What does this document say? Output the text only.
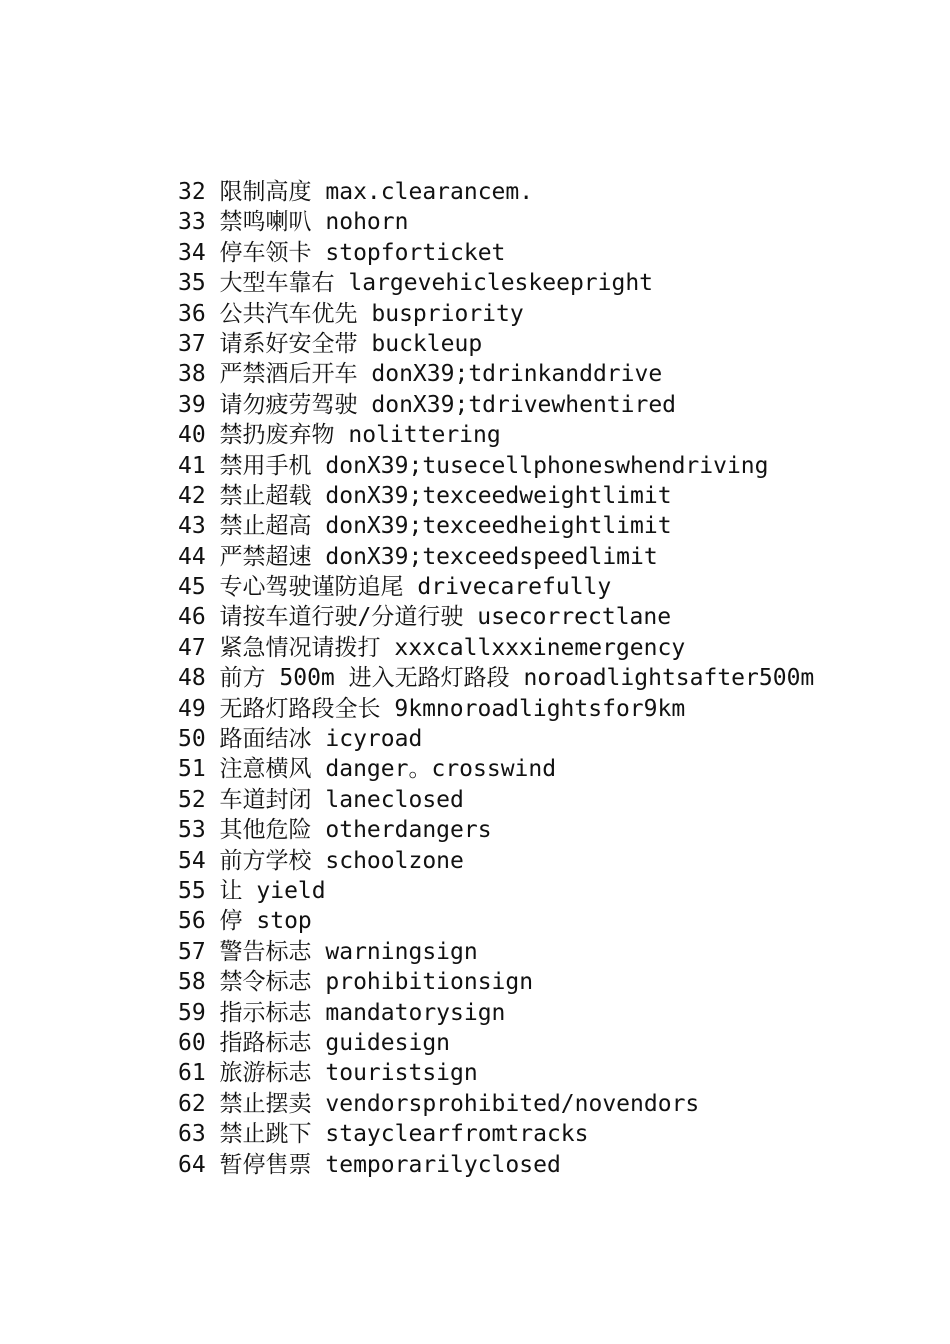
32 限制高度 max.clearancem.
33 禁鸣喇叭 nohorn
34 停车领卡 stopforticket
35 大型车靠右 largevehicleskeepright
36 公共汽车优先 buspriority
37 请系好安全带 buckleup
38 严禁酒后开车 donX39;tdrinkanddrive
39 请勿疲劳驾驶 donX39;tdrivewhentired
40 禁扔废弃物 nolittering
41 禁用手机 donX39;tusecellphoneswhendriving
42 禁止超载 donX39;texceedweightlimit
43 禁止超高 donX39;texceedheightlimit
44 严禁超速 donX39;texceedspeedlimit
45 专心驾驶谨防追尾 drivecarefully
46 请按车道行驶/分道行驶 usecorrectlane
47 紧急情况请拨打 xxxcallxxxinemergency
48 前方 500m 进入无路灯路段 noroadlightsafter500m
49 无路灯路段全长 9kmnoroadlightsfor9km
50 路面结冰 icyroad
51 注意横风 danger。crosswind
52 车道封闭 laneclosed
53 其他危险 otherdangers
54 前方学校 schoolzone
55 让 yield
56 停 stop
57 警告标志 warningsign
58 禁令标志 prohibitionsign
59 指示标志 mandatorysign
60 指路标志 guidesign
61 旅游标志 touristsign
62 禁止摆卖 vendorsprohibited/novendors
63 禁止跳下 stayclearfromtracks
64 暂停售票 temporarilyclosed
